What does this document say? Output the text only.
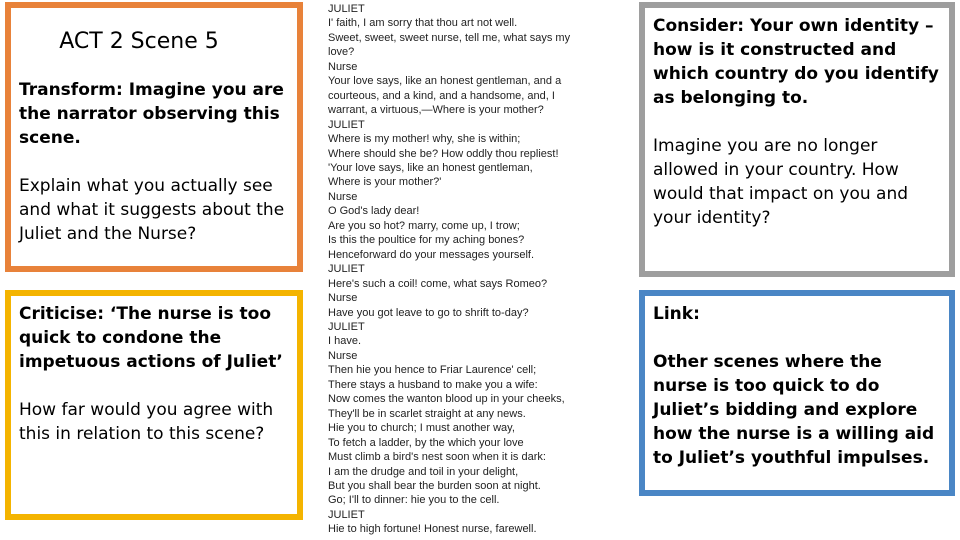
ACT 2 Scene 5

Transform: Imagine you are the narrator observing this scene.

Explain what you actually see and what it suggests about the Juliet and the Nurse?

Criticise: ‘The nurse is too quick to condone the impetuous actions of Juliet’

How far would you agree with this in relation to this scene?

JULIET
I' faith, I am sorry that thou art not well.
Sweet, sweet, sweet nurse, tell me, what says my
love?
Nurse
Your love says, like an honest gentleman, and a
courteous, and a kind, and a handsome, and, I
warrant, a virtuous,—Where is your mother?
JULIET
Where is my mother! why, she is within;
Where should she be? How oddly thou repliest!
'Your love says, like an honest gentleman,
Where is your mother?'
Nurse
O God's lady dear!
Are you so hot? marry, come up, I trow;
Is this the poultice for my aching bones?
Henceforward do your messages yourself.
JULIET
Here's such a coil! come, what says Romeo?
Nurse
Have you got leave to go to shrift to-day?
JULIET
I have.
Nurse
Then hie you hence to Friar Laurence' cell;
There stays a husband to make you a wife:
Now comes the wanton blood up in your cheeks,
They'll be in scarlet straight at any news.
Hie you to church; I must another way,
To fetch a ladder, by the which your love
Must climb a bird's nest soon when it is dark:
I am the drudge and toil in your delight,
But you shall bear the burden soon at night.
Go; I'll to dinner: hie you to the cell.
JULIET
Hie to high fortune! Honest nurse, farewell.

Consider: Your own identity – how is it constructed and which country do you identify as belonging to.

Imagine you are no longer allowed in your country. How would that impact on you and your identity?

Link:

Other scenes where the nurse is too quick to do Juliet’s bidding and explore how the nurse is a willing aid to Juliet’s youthful impulses.
